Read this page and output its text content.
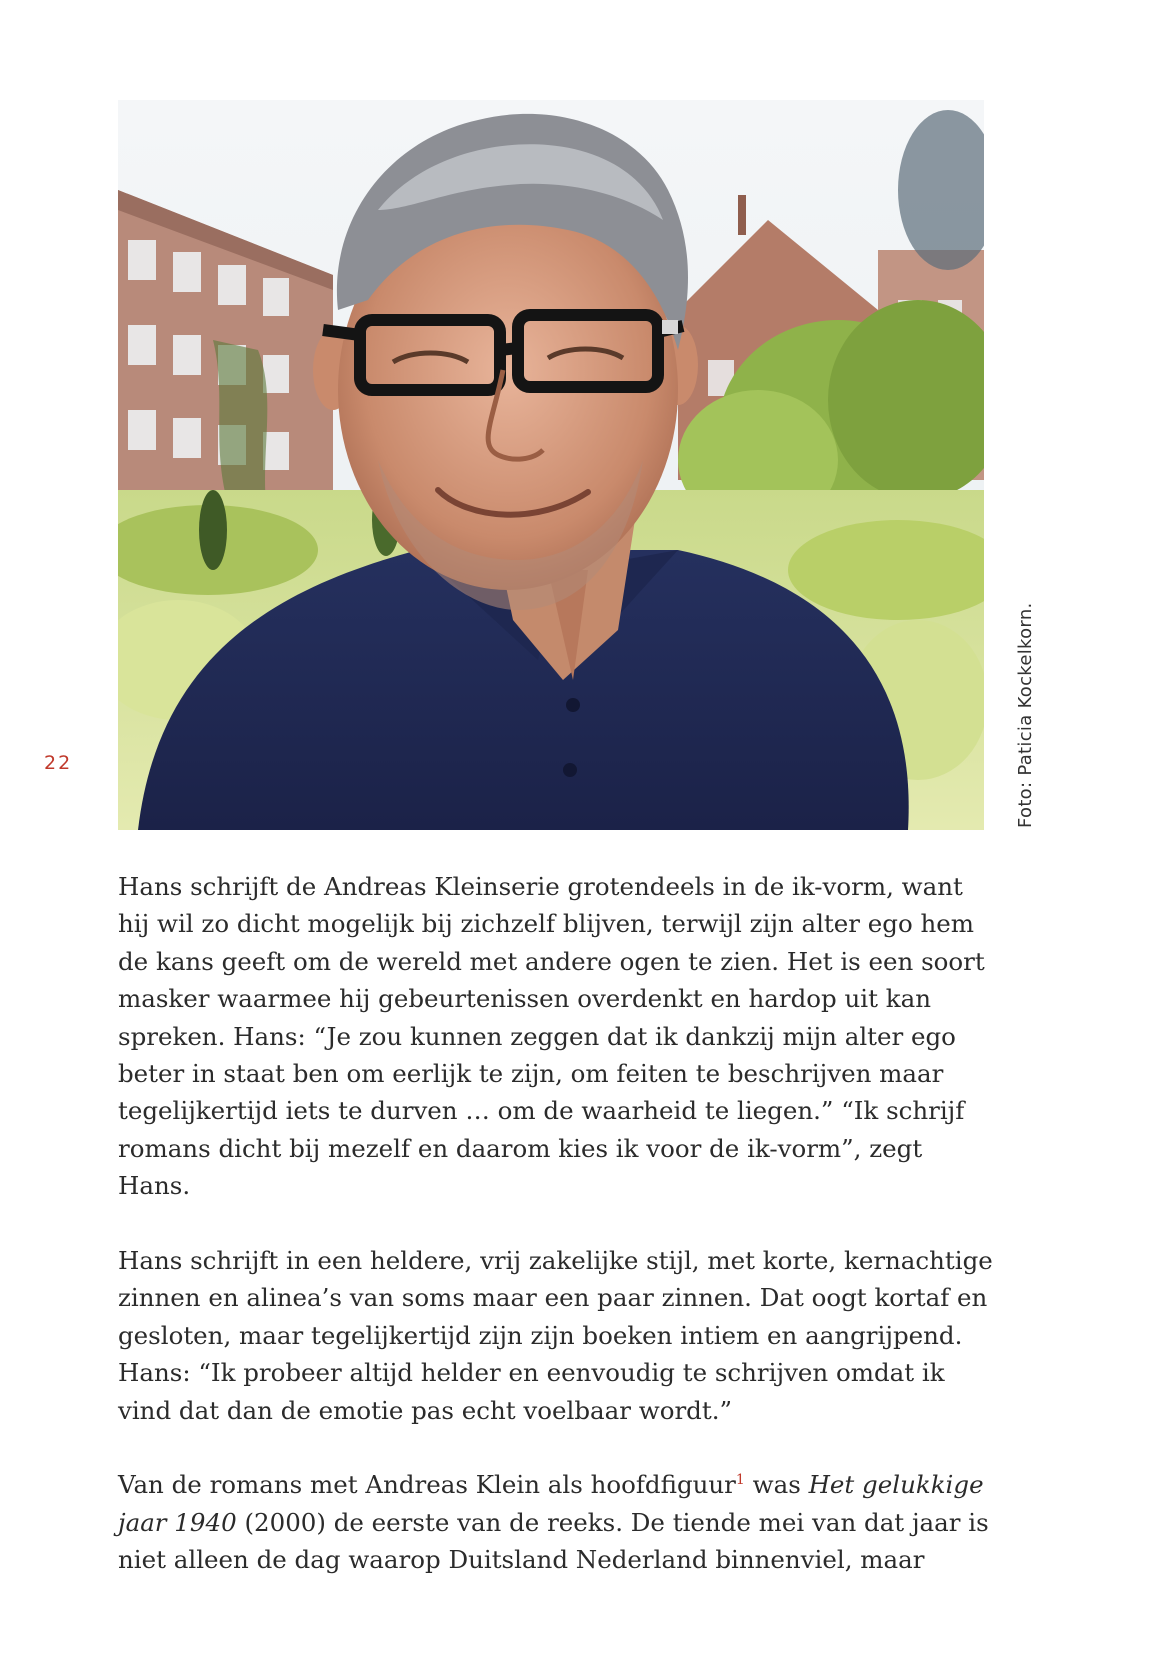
22	Foto: Paticia Kockelkorn.

Hans schrijft de Andreas Kleinserie grotendeels in de ik-vorm, want hij wil zo dicht mogelijk bij zichzelf blijven, terwijl zijn alter ego hem de kans geeft om de wereld met andere ogen te zien. Het is een soort masker waarmee hij gebeurtenissen overdenkt en hardop uit kan spreken. Hans: “Je zou kunnen zeggen dat ik dankzij mijn alter ego beter in staat ben om eerlijk te zijn, om feiten te beschrijven maar tegelijkertijd iets te durven … om de waarheid te liegen.” “Ik schrijf romans dicht bij mezelf en daarom kies ik voor de ik-vorm”, zegt Hans.

Hans schrijft in een heldere, vrij zakelijke stijl, met korte, kernachtige zinnen en alinea’s van soms maar een paar zinnen. Dat oogt kortaf en gesloten, maar tegelijkertijd zijn zijn boeken intiem en aangrijpend. Hans: “Ik probeer altijd helder en eenvoudig te schrijven omdat ik vind dat dan de emotie pas echt voelbaar wordt.”

Van de romans met Andreas Klein als hoofdfiguur$^1$ was Het gelukkige jaar 1940 (2000) de eerste van de reeks. De tiende mei van dat jaar is niet alleen de dag waarop Duitsland Nederland binnenviel, maar
